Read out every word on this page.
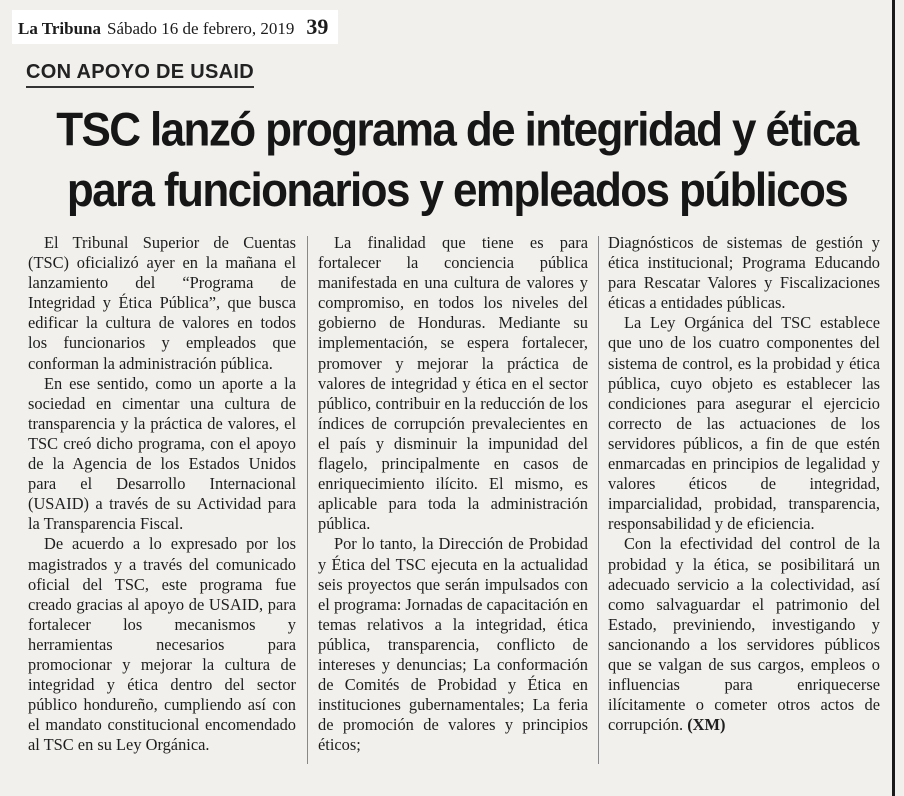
La Tribuna Sábado 16 de febrero, 2019 39
CON APOYO DE USAID
TSC lanzó programa de integridad y ética
para funcionarios y empleados públicos

El Tribunal Superior de Cuentas (TSC) oficializó ayer en la mañana el lanzamiento del “Programa de Integridad y Ética Pública”, que busca edificar la cultura de valores en todos los funcionarios y empleados que conforman la administración pública.

En ese sentido, como un aporte a la sociedad en cimentar una cultura de transparencia y la práctica de valores, el TSC creó dicho programa, con el apoyo de la Agencia de los Estados Unidos para el Desarrollo Internacional (USAID) a través de su Actividad para la Transparencia Fiscal.

De acuerdo a lo expresado por los magistrados y a través del comunicado oficial del TSC, este programa fue creado gracias al apoyo de USAID, para fortalecer los mecanismos y herramientas necesarios para promocionar y mejorar la cultura de integridad y ética dentro del sector público hondureño, cumpliendo así con el mandato constitucional encomendado al TSC en su Ley Orgánica.

La finalidad que tiene es para fortalecer la conciencia pública manifestada en una cultura de valores y compromiso, en todos los niveles del gobierno de Honduras. Mediante su implementación, se espera fortalecer, promover y mejorar la práctica de valores de integridad y ética en el sector público, contribuir en la reducción de los índices de corrupción prevalecientes en el país y disminuir la impunidad del flagelo, principalmente en casos de enriquecimiento ilícito. El mismo, es aplicable para toda la administración pública.

Por lo tanto, la Dirección de Probidad y Ética del TSC ejecuta en la actualidad seis proyectos que serán impulsados con el programa: Jornadas de capacitación en temas relativos a la integridad, ética pública, transparencia, conflicto de intereses y denuncias; La conformación de Comités de Probidad y Ética en instituciones gubernamentales; La feria de promoción de valores y principios éticos;

Diagnósticos de sistemas de gestión y ética institucional; Programa Educando para Rescatar Valores y Fiscalizaciones éticas a entidades públicas.

La Ley Orgánica del TSC establece que uno de los cuatro componentes del sistema de control, es la probidad y ética pública, cuyo objeto es establecer las condiciones para asegurar el ejercicio correcto de las actuaciones de los servidores públicos, a fin de que estén enmarcadas en principios de legalidad y valores éticos de integridad, imparcialidad, probidad, transparencia, responsabilidad y de eficiencia.

Con la efectividad del control de la probidad y la ética, se posibilitará un adecuado servicio a la colectividad, así como salvaguardar el patrimonio del Estado, previniendo, investigando y sancionando a los servidores públicos que se valgan de sus cargos, empleos o influencias para enriquecerse ilícitamente o cometer otros actos de corrupción. (XM)
